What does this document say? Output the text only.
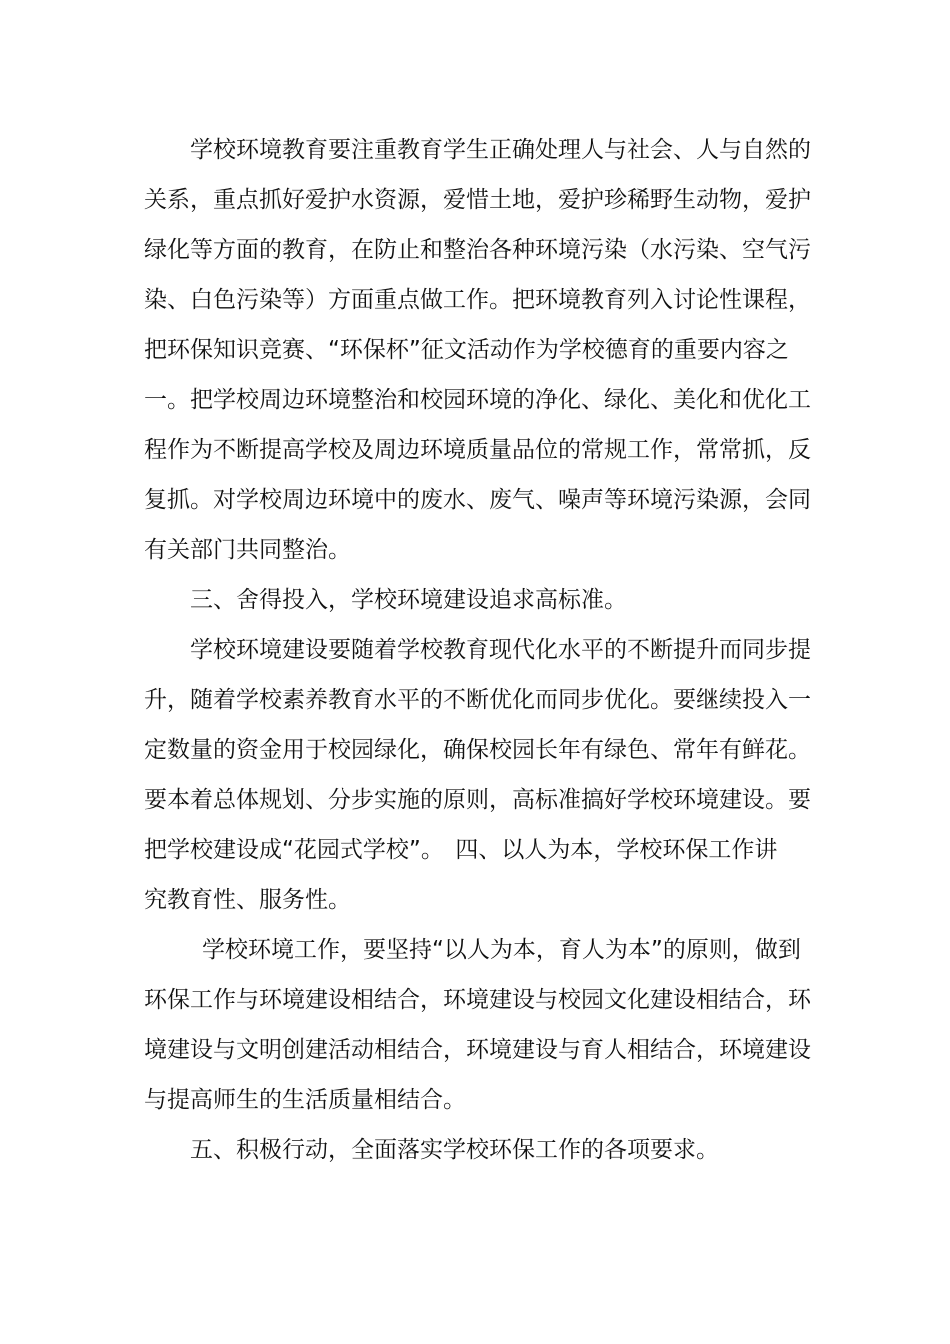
学校环境教育要注重教育学生正确处理人与社会、人与自然的
关系，重点抓好爱护水资源，爱惜土地，爱护珍稀野生动物，爱护
绿化等方面的教育，在防止和整治各种环境污染（水污染、空气污
染、白色污染等）方面重点做工作。把环境教育列入讨论性课程，
把环保知识竞赛、“环保杯”征文活动作为学校德育的重要内容之
一。把学校周边环境整治和校园环境的净化、绿化、美化和优化工
程作为不断提高学校及周边环境质量品位的常规工作，常常抓，反
复抓。对学校周边环境中的废水、废气、噪声等环境污染源，会同
有关部门共同整治。
三、舍得投入，学校环境建设追求高标准。
学校环境建设要随着学校教育现代化水平的不断提升而同步提
升，随着学校素养教育水平的不断优化而同步优化。要继续投入一
定数量的资金用于校园绿化，确保校园长年有绿色、常年有鲜花。
要本着总体规划、分步实施的原则，高标准搞好学校环境建设。要
把学校建设成“花园式学校”。　四、以人为本，学校环保工作讲
究教育性、服务性。
学校环境工作，要坚持“以人为本，育人为本”的原则，做到
环保工作与环境建设相结合，环境建设与校园文化建设相结合，环
境建设与文明创建活动相结合，环境建设与育人相结合，环境建设
与提高师生的生活质量相结合。
五、积极行动，全面落实学校环保工作的各项要求。
